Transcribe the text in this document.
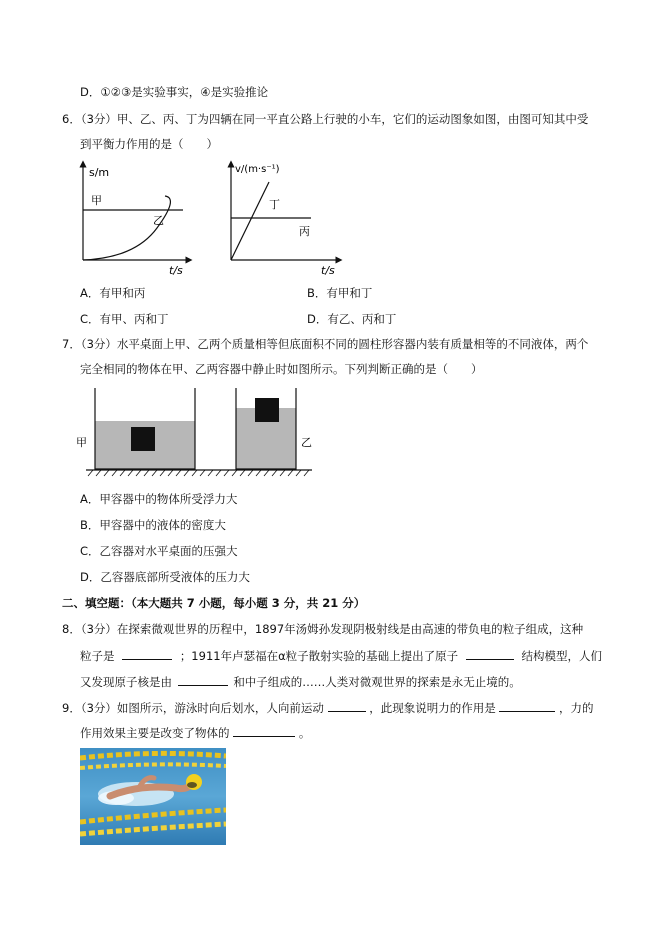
D．①②③是实验事实，④是实验推论
6．（3分）甲、乙、丙、丁为四辆在同一平直公路上行驶的小车，它们的运动图象如图，由图可知其中受
到平衡力作用的是（　　）
s/m
t/s
甲
乙
v/(m·s⁻¹)
t/s
丁
丙
A．有甲和丙	B．有甲和丁
C．有甲、丙和丁	D．有乙、丙和丁
7．（3分）水平桌面上甲、乙两个质量相等但底面积不同的圆柱形容器内装有质量相等的不同液体，两个
完全相同的物体在甲、乙两容器中静止时如图所示。下列判断正确的是（　　）
甲	乙
A．甲容器中的物体所受浮力大
B．甲容器中的液体的密度大
C．乙容器对水平桌面的压强大
D．乙容器底部所受液体的压力大
二、填空题：（本大题共 7 小题，每小题 3 分，共 21 分）
8．（3分）在探索微观世界的历程中，1897年汤姆孙发现阴极射线是由高速的带负电的粒子组成，这种
粒子是	；1911年卢瑟福在α粒子散射实验的基础上提出了原子	结构模型，人们
又发现原子核是由	和中子组成的……人类对微观世界的探索是永无止境的。
9．（3分）如图所示，游泳时向后划水，人向前运动	，此现象说明力的作用是	，力的
作用效果主要是改变了物体的	。
